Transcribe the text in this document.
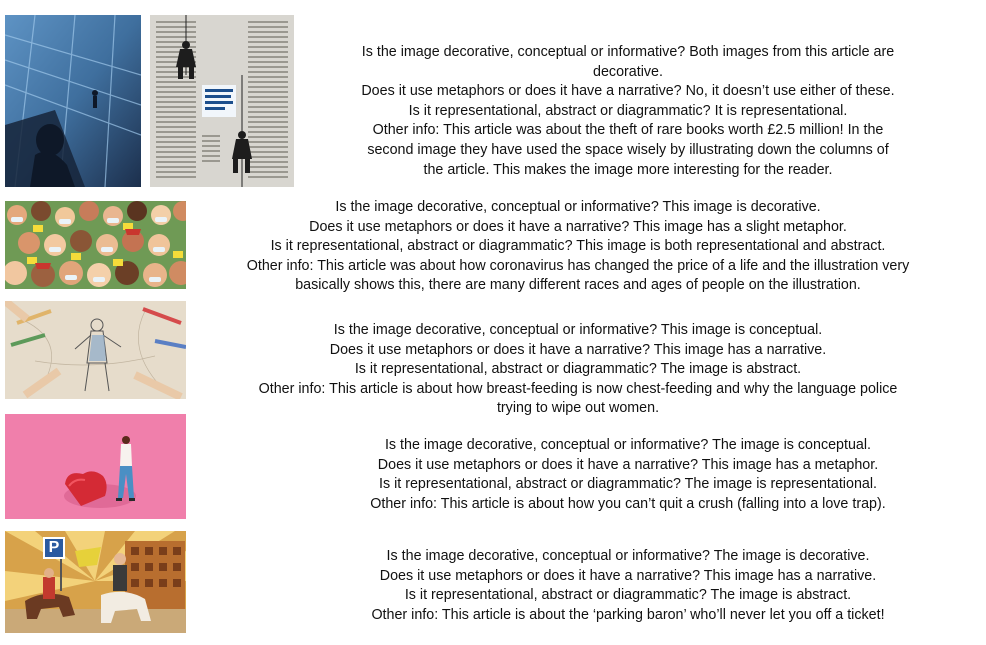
Is the image decorative, conceptual or informative? Both images from this article are

decorative.

Does it use metaphors or does it have a narrative? No, it doesn’t use either of these.

Is it representational, abstract or diagrammatic? It is representational.

Other info: This article was about the theft of rare books worth £2.5 million! In the

second image they have used the space wisely by illustrating down the columns of

the article. This makes the image more interesting for the reader.

Is the image decorative, conceptual or informative? This image is decorative.

Does it use metaphors or does it have a narrative? This image has a slight metaphor.

Is it representational, abstract or diagrammatic? This image is both representational and abstract.

Other info: This article was about how coronavirus has changed the price of a life and the illustration very

basically shows this, there are many different races and ages of people on the illustration.

Is the image decorative, conceptual or informative? This image is conceptual.

Does it use metaphors or does it have a narrative? This image has a narrative.

Is it representational, abstract or diagrammatic? The image is abstract.

Other info: This article is about how breast-feeding is now chest-feeding and why the language police

trying to wipe out women.

Is the image decorative, conceptual or informative? The image is conceptual.

Does it use metaphors or does it have a narrative? This image has a metaphor.

Is it representational, abstract or diagrammatic? The image is representational.

Other info: This article is about how you can’t quit a crush (falling into a love trap).

P	Is the image decorative, conceptual or informative? The image is decorative.

Does it use metaphors or does it have a narrative? This image has a narrative.

Is it representational, abstract or diagrammatic? The image is abstract.

Other info: This article is about the ‘parking baron’ who’ll never let you off a ticket!
